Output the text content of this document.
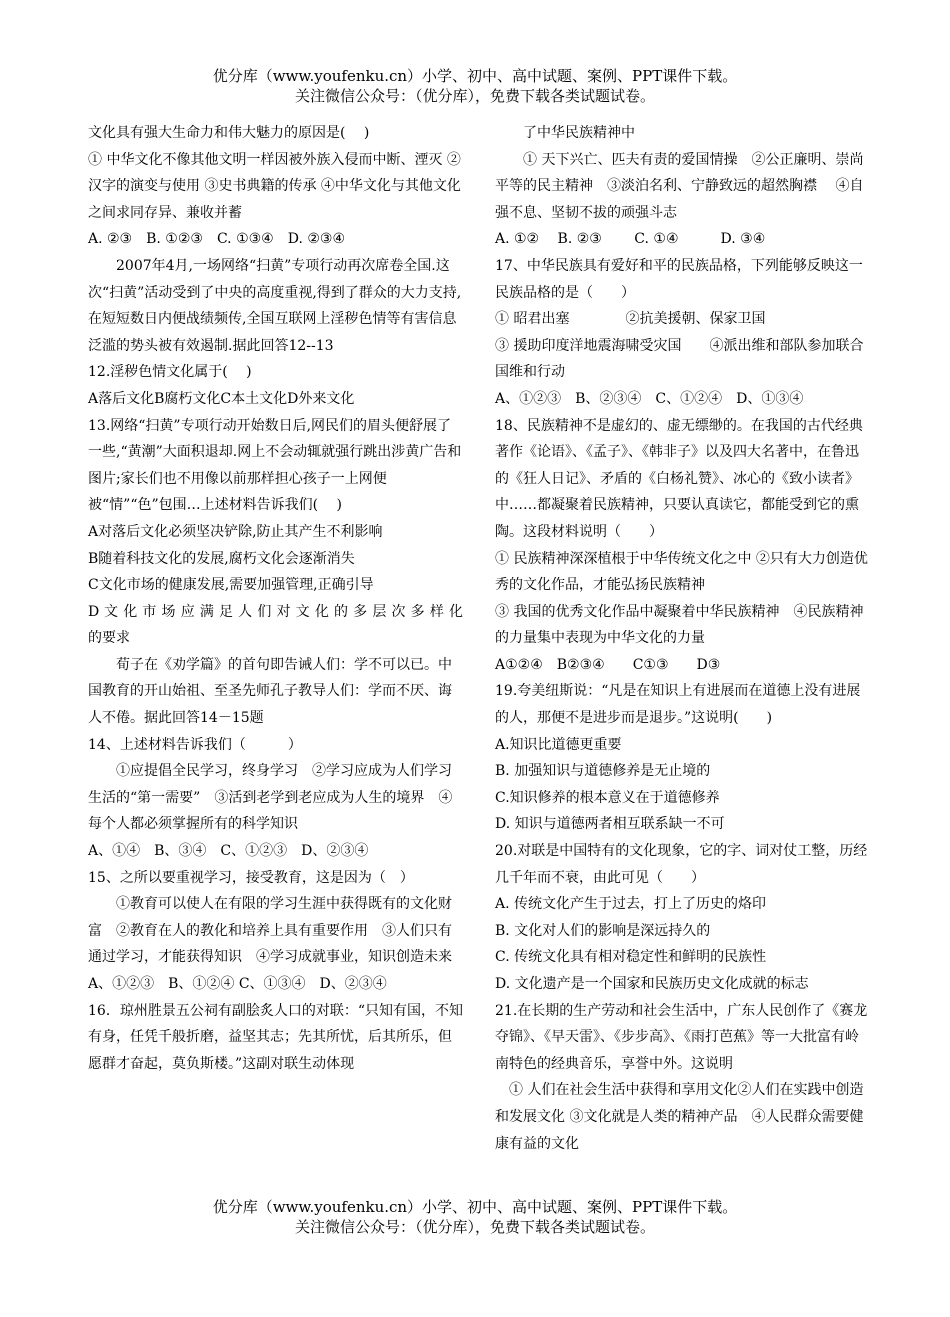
优分库（www.youfenku.cn）小学、初中、高中试题、案例、PPT课件下载。
关注微信公众号：（优分库），免费下载各类试题试卷。

文化具有强大生命力和伟大魅力的原因是(　 )

① 中华文化不像其他文明一样因被外族入侵而中断、湮灭 ②汉字的演变与使用 ③史书典籍的传承 ④中华文化与其他文化之间求同存异、兼收并蓄

A. ②③　B. ①②③　C. ①③④　D. ②③④

2007年4月,一场网络“扫黄”专项行动再次席卷全国.这次“扫黄”活动受到了中央的高度重视,得到了群众的大力支持,在短短数日内便战绩频传,全国互联网上淫秽色情等有害信息泛滥的势头被有效遏制.据此回答12--13

12.淫秽色情文化属于(　 )

A落后文化B腐朽文化C本土文化D外来文化

13.网络“扫黄”专项行动开始数日后,网民们的眉头便舒展了一些,“黄潮”大面积退却.网上不会动辄就强行跳出涉黄广告和图片;家长们也不用像以前那样担心孩子一上网便被“情”“色”包围…上述材料告诉我们(　 )

A对落后文化必须坚决铲除,防止其产生不利影响

B随着科技文化的发展,腐朽文化会逐渐消失

C文化市场的健康发展,需要加强管理,正确引导

D 文 化 市 场 应 满 足 人 们 对 文 化 的 多 层 次 多 样 化

的要求

荀子在《劝学篇》的首句即告诫人们：学不可以已。中国教育的开山始祖、至圣先师孔子教导人们：学而不厌、诲人不倦。据此回答14－15题

14、上述材料告诉我们（　　　）

①应提倡全民学习，终身学习　②学习应成为人们学习生活的“第一需要”　③活到老学到老应成为人生的境界　④每个人都必须掌握所有的科学知识

A、①④　B、③④　C、①②③　D、②③④

15、之所以要重视学习，接受教育，这是因为（　）

①教育可以使人在有限的学习生涯中获得既有的文化财富　②教育在人的教化和培养上具有重要作用　③人们只有通过学习，才能获得知识　④学习成就事业，知识创造未来

A、①②③　B、①②④ C、①③④　D、②③④

16．琼州胜景五公祠有副脍炙人口的对联：“只知有国，不知有身，任凭千般折磨，益坚其志；先其所忧，后其所乐，但愿群才奋起，莫负斯楼。”这副对联生动体现

了中华民族精神中

① 天下兴亡、匹夫有责的爱国情操　②公正廉明、崇尚平等的民主精神　③淡泊名利、宁静致远的超然胸襟　 ④自强不息、坚韧不拔的顽强斗志

A. ①②　 B. ②③　　 C. ①④　　　D. ③④

17、中华民族具有爱好和平的民族品格，下列能够反映这一民族品格的是（　　）

① 昭君出塞　　　　②抗美援朝、保家卫国

③ 援助印度洋地震海啸受灾国　　④派出维和部队参加联合国维和行动

A、①②③　B、②③④　C、①②④　D、①③④

18、民族精神不是虚幻的、虚无缥缈的。在我国的古代经典著作《论语》、《孟子》、《韩非子》以及四大名著中，在鲁迅的《狂人日记》、矛盾的《白杨礼赞》、冰心的《致小读者》中……都凝聚着民族精神，只要认真读它，都能受到它的熏陶。这段材料说明（　　）

① 民族精神深深植根于中华传统文化之中 ②只有大力创造优秀的文化作品，才能弘扬民族精神

③ 我国的优秀文化作品中凝聚着中华民族精神　④民族精神的力量集中表现为中华文化的力量

A①②④　B②③④　　C①③　　D③

19.夸美纽斯说：“凡是在知识上有进展而在道德上没有进展的人，那便不是进步而是退步。”这说明(　　)

A.知识比道德更重要

B. 加强知识与道德修养是无止境的

C.知识修养的根本意义在于道德修养

D. 知识与道德两者相互联系缺一不可

20.对联是中国特有的文化现象，它的字、词对仗工整，历经几千年而不衰，由此可见（　　）

A. 传统文化产生于过去，打上了历史的烙印

B. 文化对人们的影响是深远持久的

C. 传统文化具有相对稳定性和鲜明的民族性

D. 文化遗产是一个国家和民族历史文化成就的标志

21.在长期的生产劳动和社会生活中，广东人民创作了《赛龙夺锦》、《早天雷》、《步步高》、《雨打芭蕉》等一大批富有岭南特色的经典音乐，享誉中外。这说明

① 人们在社会生活中获得和享用文化②人们在实践中创造和发展文化 ③文化就是人类的精神产品　④人民群众需要健康有益的文化

优分库（www.youfenku.cn）小学、初中、高中试题、案例、PPT课件下载。
关注微信公众号：（优分库），免费下载各类试题试卷。
